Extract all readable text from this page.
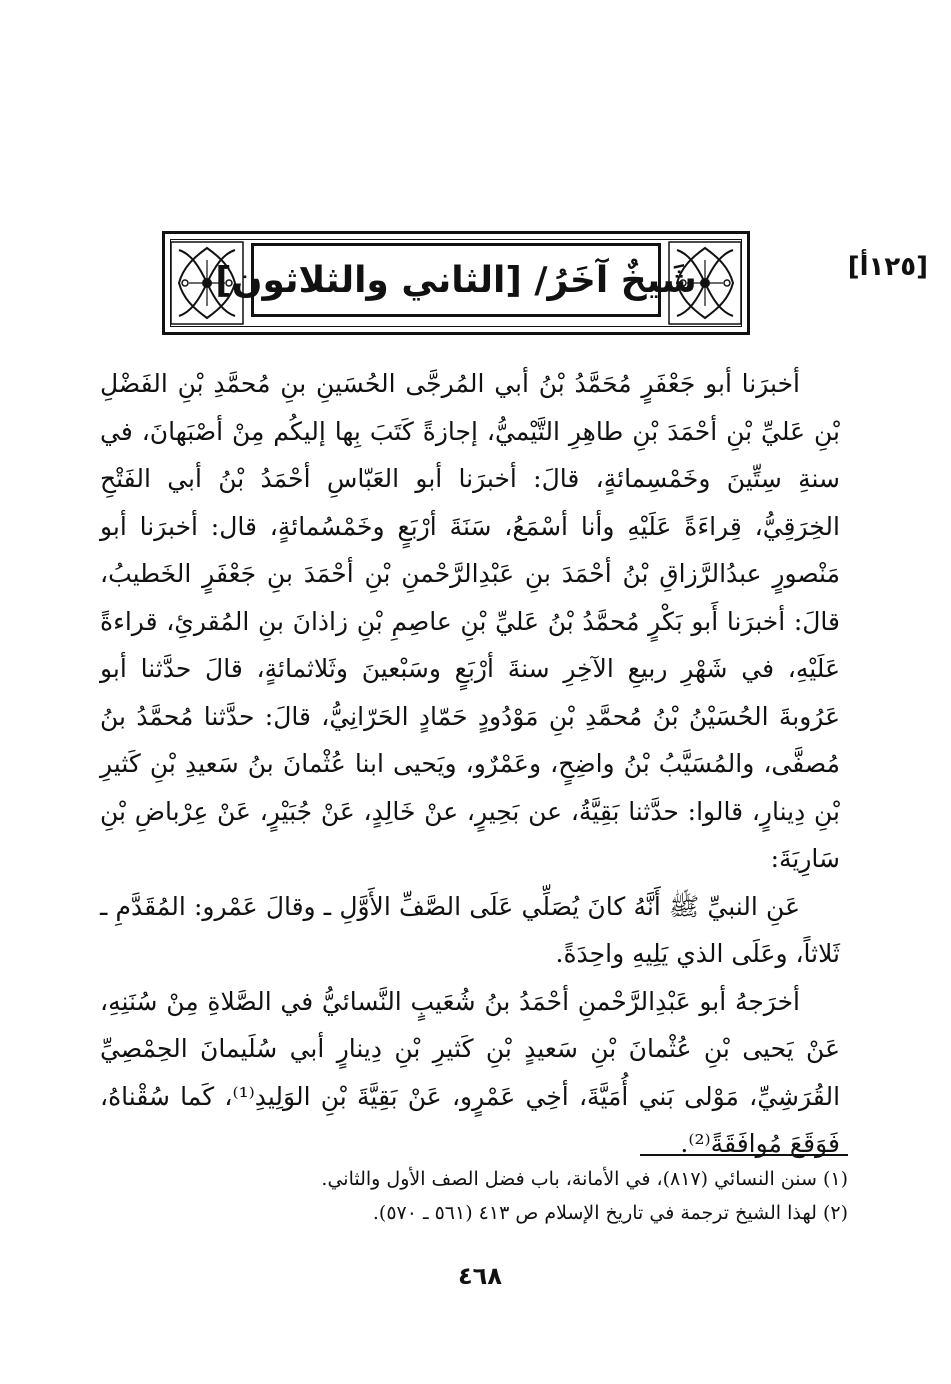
[١٢٥أ]
شَيخٌ آخَرُ/ [الثاني والثلاثون]

أخبرَنا أبو جَعْفَرٍ مُحَمَّدُ بْنُ أبي المُرجَّى الحُسَينِ بنِ مُحمَّدِ بْنِ الفَضْلِ بْنِ عَليِّ بْنِ أحْمَدَ بْنِ طاهِرِ التَّيْميُّ، إجازةً كَتَبَ بِها إليكُم مِنْ أصْبَهانَ، في سنةِ سِتِّينَ وخَمْسِمائةٍ، قالَ: أخبرَنا أبو العَبّاسِ أحْمَدُ بْنُ أبي الفَتْحِ الخِرَقِيُّ، قِراءَةً عَلَيْهِ وأنا أسْمَعُ، سَنَةَ أرْبَعٍ وخَمْسُمائةٍ، قال: أخبرَنا أبو مَنْصورٍ عبدُالرَّزاقِ بْنُ أحْمَدَ بنِ عَبْدِالرَّحْمنِ بْنِ أحْمَدَ بنِ جَعْفَرٍ الخَطيبُ، قالَ: أخبرَنا أَبو بَكْرٍ مُحمَّدُ بْنُ عَليِّ بْنِ عاصِمِ بْنِ زاذانَ بنِ المُقرئِ، قراءةً عَلَيْهِ، في شَهْرِ ربيعِ الآخِرِ سنةَ أرْبَعٍ وسَبْعينَ وثَلاثمائةٍ، قالَ حدَّثنا أبو عَرُوبةَ الحُسَيْنُ بْنُ مُحمَّدِ بْنِ مَوْدُودٍ حَمّادٍ الحَرّانِيُّ، قالَ: حدَّثنا مُحمَّدُ بنُ مُصفَّى، والمُسَيَّبُ بْنُ واضِحٍ، وعَمْرٌو، ويَحيى ابنا عُثْمانَ بنُ سَعيدِ بْنِ كَثيرِ بْنِ دِينارٍ، قالوا: حدَّثنا بَقِيَّةُ، عن بَحِيرٍ، عنْ خَالِدٍ، عَنْ جُبَيْرٍ، عَنْ عِرْباضِ بْنِ سَارِيَةَ:

عَنِ النبيِّ ﷺ أَنَّهُ كانَ يُصَلِّي عَلَى الصَّفِّ الأَوَّلِ ـ وقالَ عَمْرو: المُقَدَّمِ ـ ثَلاثاً، وعَلَى الذي يَلِيهِ واحِدَةً.

أخرَجهُ أبو عَبْدِالرَّحْمنِ أحْمَدُ بنُ شُعَيبٍ النَّسائيُّ في الصَّلاةِ مِنْ سُنَنِهِ، عَنْ يَحيى بْنِ عُثْمانَ بْنِ سَعيدٍ بْنِ كَثيرِ بْنِ دِينارٍ أبي سُلَيمانَ الحِمْصِيِّ القُرَشِيِّ، مَوْلى بَني أُمَيَّةَ، أخِي عَمْرٍو، عَنْ بَقِيَّةَ بْنِ الوَلِيدِ⁽¹⁾، كَما سُقْناهُ، فَوَقَعَ مُوافَقَةً⁽²⁾.

(١) سنن النسائي (٨١٧)، في الأمانة، باب فضل الصف الأول والثاني.
(٢) لهذا الشيخ ترجمة في تاريخ الإسلام ص ٤١٣ (٥٦١ ـ ٥٧٠).
٤٦٨
